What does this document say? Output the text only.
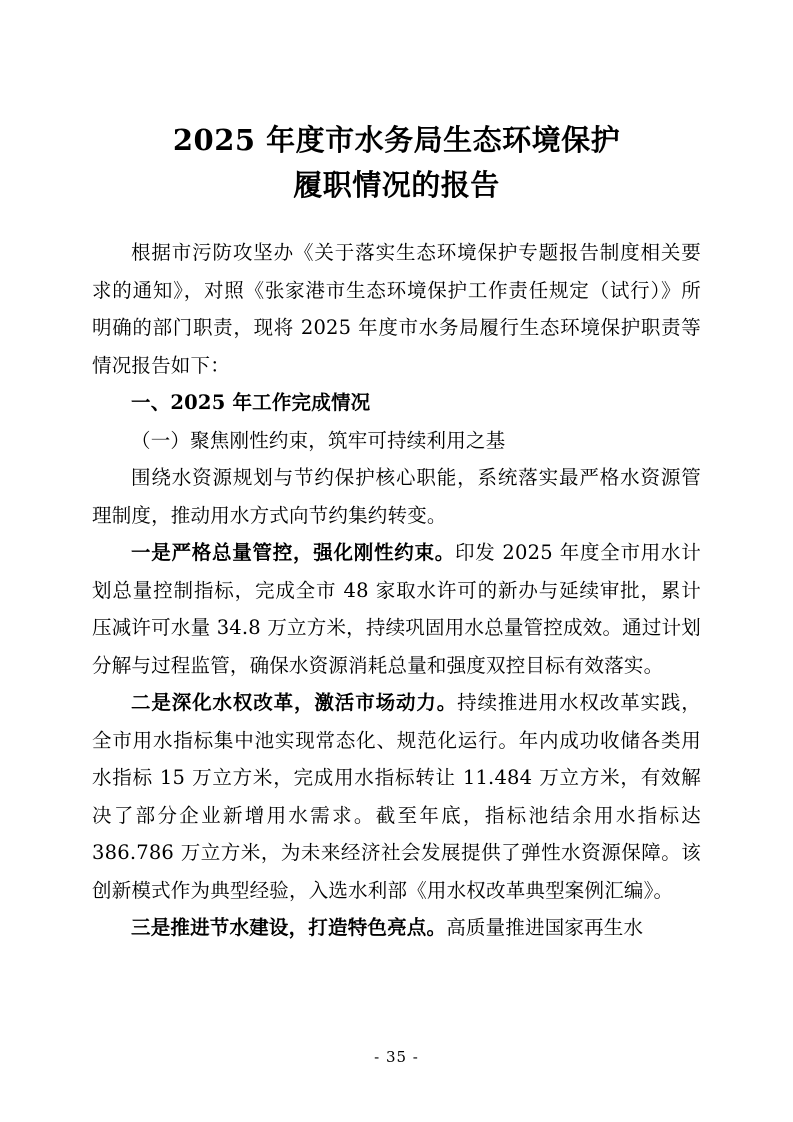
2025 年度市水务局生态环境保护
履职情况的报告

根据市污防攻坚办《关于落实生态环境保护专题报告制度相关要求的通知》，对照《张家港市生态环境保护工作责任规定（试行）》所明确的部门职责，现将 2025 年度市水务局履行生态环境保护职责等情况报告如下：

一、2025 年工作完成情况

（一）聚焦刚性约束，筑牢可持续利用之基

围绕水资源规划与节约保护核心职能，系统落实最严格水资源管理制度，推动用水方式向节约集约转变。

一是严格总量管控，强化刚性约束。印发 2025 年度全市用水计划总量控制指标，完成全市 48 家取水许可的新办与延续审批，累计压减许可水量 34.8 万立方米，持续巩固用水总量管控成效。通过计划分解与过程监管，确保水资源消耗总量和强度双控目标有效落实。

二是深化水权改革，激活市场动力。持续推进用水权改革实践，全市用水指标集中池实现常态化、规范化运行。年内成功收储各类用水指标 15 万立方米，完成用水指标转让 11.484 万立方米，有效解决了部分企业新增用水需求。截至年底，指标池结余用水指标达 386.786 万立方米，为未来经济社会发展提供了弹性水资源保障。该创新模式作为典型经验，入选水利部《用水权改革典型案例汇编》。

三是推进节水建设，打造特色亮点。高质量推进国家再生水

- 35 -
